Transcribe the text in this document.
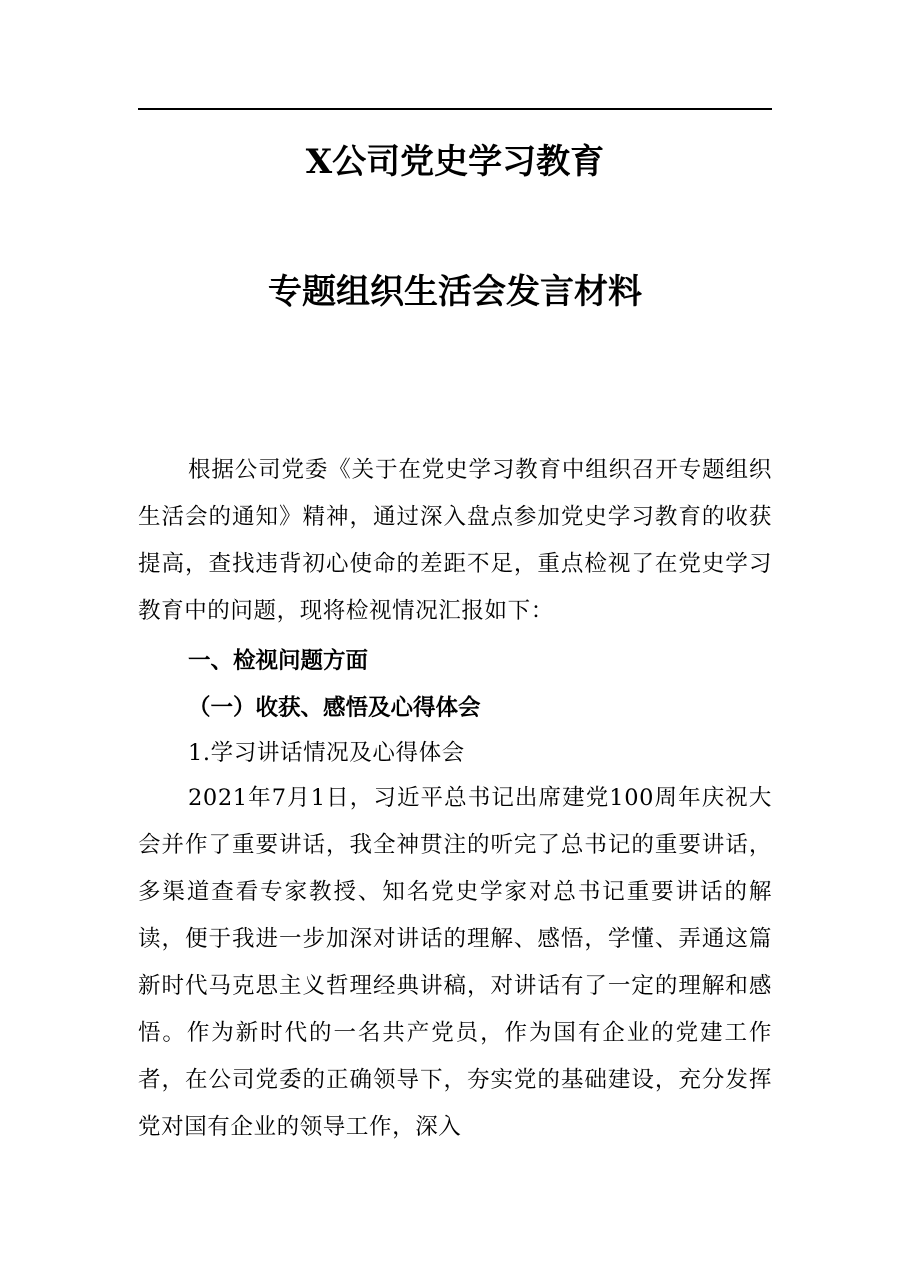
X公司党史学习教育
专题组织生活会发言材料
根据公司党委《关于在党史学习教育中组织召开专题组织生活会的通知》精神，通过深入盘点参加党史学习教育的收获提高，查找违背初心使命的差距不足，重点检视了在党史学习教育中的问题，现将检视情况汇报如下：
一、检视问题方面
（一）收获、感悟及心得体会
1.学习讲话情况及心得体会
2021年7月1日，习近平总书记出席建党100周年庆祝大会并作了重要讲话，我全神贯注的听完了总书记的重要讲话，多渠道查看专家教授、知名党史学家对总书记重要讲话的解读，便于我进一步加深对讲话的理解、感悟，学懂、弄通这篇新时代马克思主义哲理经典讲稿，对讲话有了一定的理解和感悟。作为新时代的一名共产党员，作为国有企业的党建工作者，在公司党委的正确领导下，夯实党的基础建设，充分发挥党对国有企业的领导工作，深入
